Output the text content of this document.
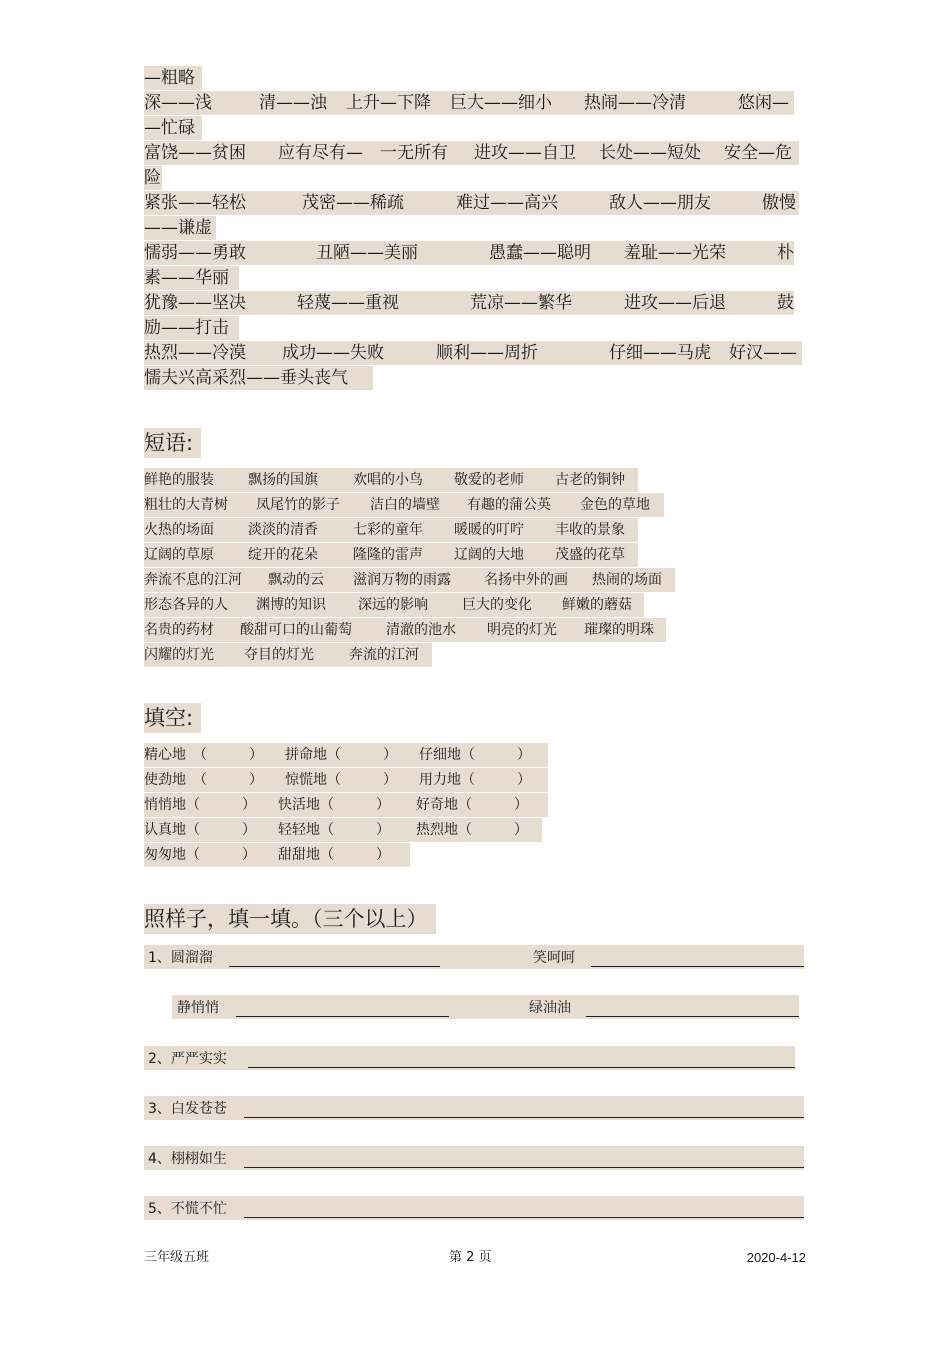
—粗略
深——浅	清——浊 上升—下降 巨大——细小 热闹——冷清	悠闲—
—忙碌
富饶——贫困 应有尽有— 一无所有 进攻——自卫 长处——短处 安全—危
险
紧张——轻松	茂密——稀疏	难过——高兴	敌人——朋友	傲慢
——谦虚
懦弱——勇敢	丑陋——美丽	愚蠢——聪明 羞耻——光荣	朴
素——华丽
犹豫——坚决	轻蔑——重视	荒凉——繁华	进攻——后退	鼓
励——打击
热烈——冷漠 成功——失败	顺利——周折	仔细——马虎 好汉——
懦夫兴高采烈——垂头丧气
短语:
鲜艳的服装 飘扬的国旗	欢唱的小鸟 敬爱的老师 古老的铜钟
粗壮的大青树 凤尾竹的影子 洁白的墙壁 有趣的蒲公英 金色的草地
火热的场面 淡淡的清香	七彩的童年 暖暖的叮咛 丰收的景象
辽阔的草原 绽开的花朵	隆隆的雷声 辽阔的大地 茂盛的花草
奔流不息的江河 飘动的云 滋润万物的雨露 名扬中外的画 热闹的场面
形态各异的人 渊博的知识 深远的影响 巨大的变化 鲜嫩的蘑菇
名贵的药材 酸甜可口的山葡萄 清澈的池水 明亮的灯光 璀璨的明珠
闪耀的灯光 夺目的灯光	奔流的江河
填空:
精心地　（　　　） 拼命地（　　　） 仔细地（　　　）
使劲地　（　　　） 惊慌地（　　　） 用力地（　　　）
悄悄地（　　　） 快活地（　　　） 好奇地（　　　）
认真地（　　　） 轻轻地（　　　） 热烈地（　　　）
匆匆地（　　　） 甜甜地（　　　）
照样子，填一填。（三个以上）
1、圆溜溜	笑呵呵
静悄悄	绿油油
2、严严实实
3、白发苍苍
4、栩栩如生
5、不慌不忙
三年级五班	第 2 页	2020-4-12
